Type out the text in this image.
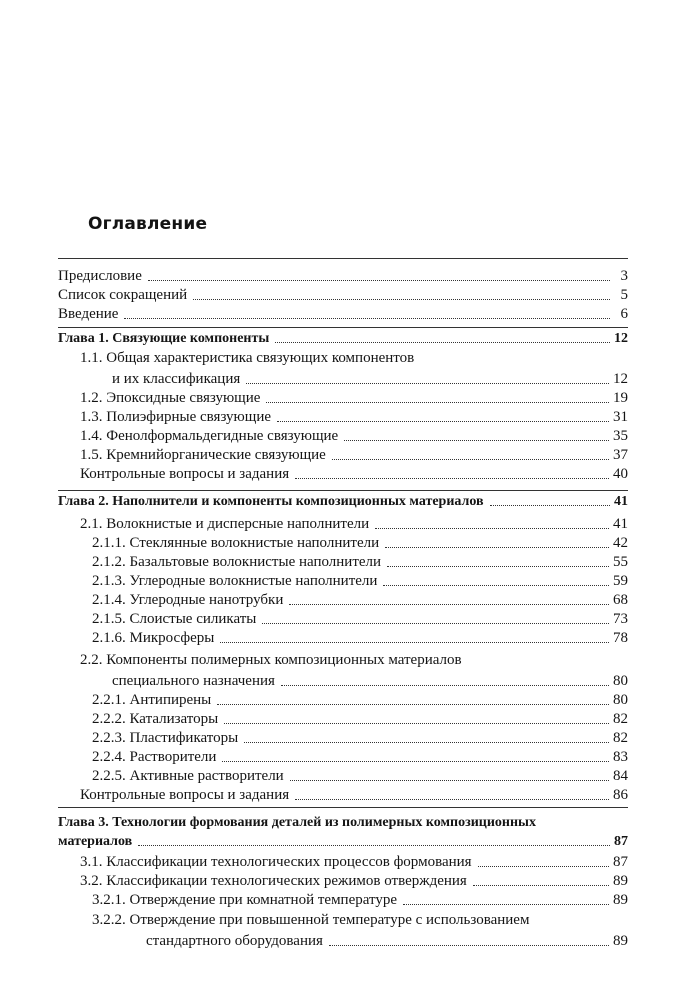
Оглавление
Предисловие	3
Список сокращений	5
Введение	6
Глава 1. Связующие компоненты	12
1.1. Общая характеристика связующих компонентов
и их классификация	12
1.2. Эпоксидные связующие	19
1.3. Полиэфирные связующие	31
1.4. Фенолформальдегидные связующие	35
1.5. Кремнийорганические связующие	37
Контрольные вопросы и задания	40
Глава 2. Наполнители и компоненты композиционных материалов	41
2.1. Волокнистые и дисперсные наполнители	41
2.1.1. Стеклянные волокнистые наполнители	42
2.1.2. Базальтовые волокнистые наполнители	55
2.1.3. Углеродные волокнистые наполнители	59
2.1.4. Углеродные нанотрубки	68
2.1.5. Слоистые силикаты	73
2.1.6. Микросферы	78
2.2. Компоненты полимерных композиционных материалов
специального назначения	80
2.2.1. Антипирены	80
2.2.2. Катализаторы	82
2.2.3. Пластификаторы	82
2.2.4. Растворители	83
2.2.5. Активные растворители	84
Контрольные вопросы и задания	86
Глава 3. Технологии формования деталей из полимерных композиционных
материалов	87
3.1. Классификации технологических процессов формования	87
3.2. Классификации технологических режимов отверждения	89
3.2.1. Отверждение при комнатной температуре	89
3.2.2. Отверждение при повышенной температуре с использованием
стандартного оборудования	89
